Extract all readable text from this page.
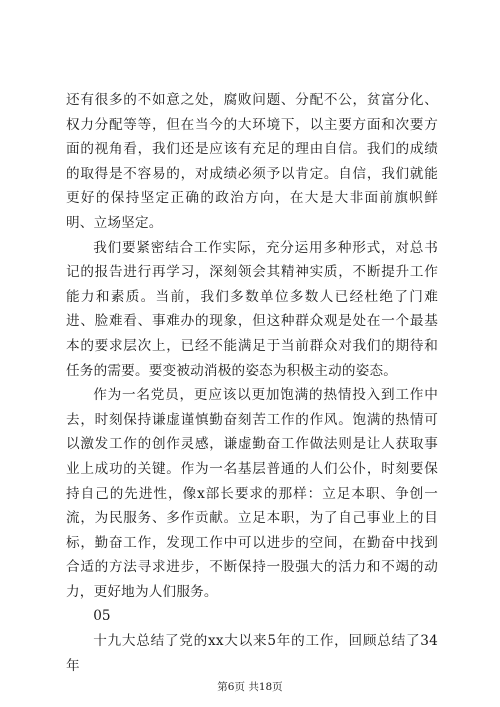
还有很多的不如意之处，腐败问题、分配不公，贫富分化、权力分配等等，但在当今的大环境下，以主要方面和次要方面的视角看，我们还是应该有充足的理由自信。我们的成绩的取得是不容易的，对成绩必须予以肯定。自信，我们就能更好的保持坚定正确的政治方向，在大是大非面前旗帜鲜明、立场坚定。

我们要紧密结合工作实际，充分运用多种形式，对总书记的报告进行再学习，深刻领会其精神实质，不断提升工作能力和素质。当前，我们多数单位多数人已经杜绝了门难进、脸难看、事难办的现象，但这种群众观是处在一个最基本的要求层次上，已经不能满足于当前群众对我们的期待和任务的需要。要变被动消极的姿态为积极主动的姿态。

作为一名党员，更应该以更加饱满的热情投入到工作中去，时刻保持谦虚谨慎勤奋刻苦工作的作风。饱满的热情可以激发工作的创作灵感，谦虚勤奋工作做法则是让人获取事业上成功的关键。作为一名基层普通的人们公仆，时刻要保持自己的先进性，像x部长要求的那样：立足本职、争创一流，为民服务、多作贡献。立足本职，为了自己事业上的目标，勤奋工作，发现工作中可以进步的空间，在勤奋中找到合适的方法寻求进步，不断保持一股强大的活力和不竭的动力，更好地为人们服务。

05

十九大总结了党的xx大以来5年的工作，回顾总结了34年

第6页 共18页
